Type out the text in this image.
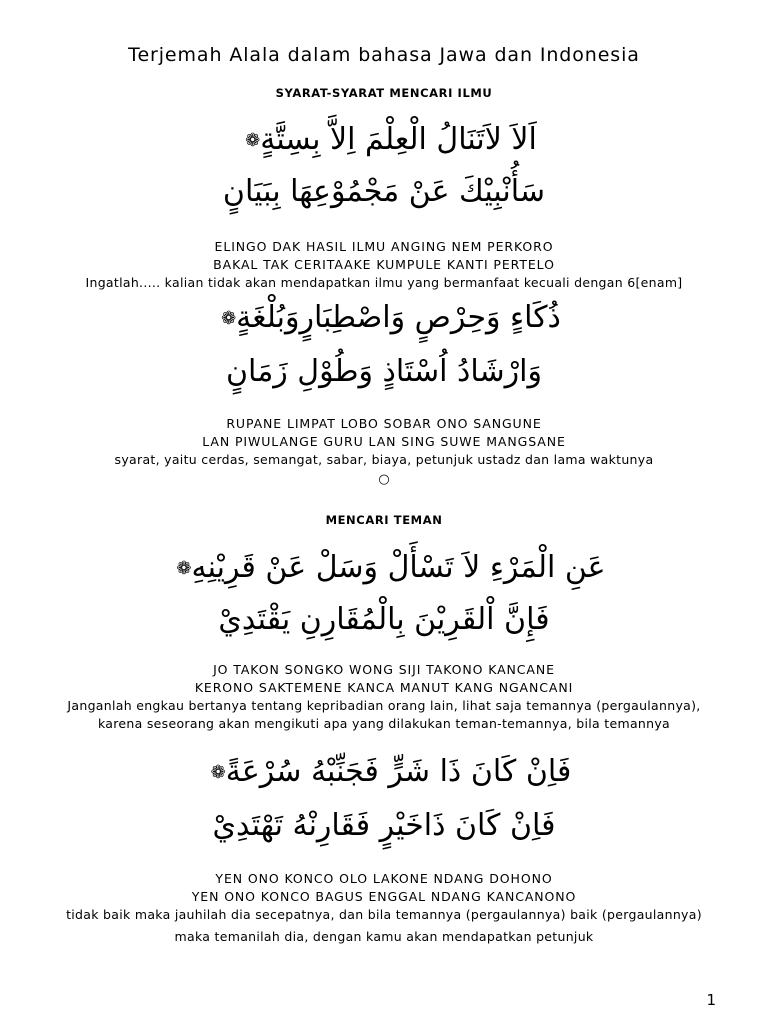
Terjemah Alala dalam bahasa Jawa dan Indonesia
SYARAT-SYARAT MENCARI ILMU
اَلاَ لاَتَنَالُ الْعِلْمَ اِلاَّ بِسِتَّةٍ❁
سَأُنْبِيْكَ عَنْ مَجْمُوْعِهَا بِبَيَانٍ
ELINGO DAK HASIL ILMU ANGING NEM PERKORO
BAKAL TAK CERITAAKE KUMPULE KANTI PERTELO
Ingatlah..... kalian tidak akan mendapatkan ilmu yang bermanfaat kecuali dengan 6[enam]
ذُكَاءٍ وَحِرْصٍ وَاصْطِبَارٍوَبُلْغَةٍ❁
وَارْشَادُ اُسْتَاذٍ وَطُوْلِ زَمَانٍ
RUPANE LIMPAT LOBO SOBAR ONO SANGUNE
LAN PIWULANGE GURU LAN SING SUWE MANGSANE
syarat, yaitu cerdas, semangat, sabar, biaya, petunjuk ustadz dan lama waktunya
○
MENCARI TEMAN
عَنِ الْمَرْءِ لاَ تَسْأَلْ وَسَلْ عَنْ قَرِيْنِهِ❁
فَإِنَّ اْلقَرِيْنَ بِالْمُقَارِنِ يَقْتَدِيْ
JO TAKON SONGKO WONG SIJI TAKONO KANCANE
KERONO SAKTEMENE KANCA MANUT KANG NGANCANI
Janganlah engkau bertanya tentang kepribadian orang lain, lihat saja temannya (pergaulannya),
karena seseorang akan mengikuti apa yang dilakukan teman-temannya, bila temannya
فَاِنْ كَانَ ذَا شَرٍّ فَجَنِّبْهُ سُرْعَةً❁
فَاِنْ كَانَ ذَاخَيْرٍ فَقَارِنْهُ تَهْتَدِيْ
YEN ONO KONCO OLO LAKONE NDANG DOHONO
YEN ONO KONCO BAGUS ENGGAL NDANG KANCANONO
tidak baik maka jauhilah dia secepatnya, dan bila temannya (pergaulannya) baik (pergaulannya)
maka temanilah dia, dengan kamu akan mendapatkan petunjuk
1
